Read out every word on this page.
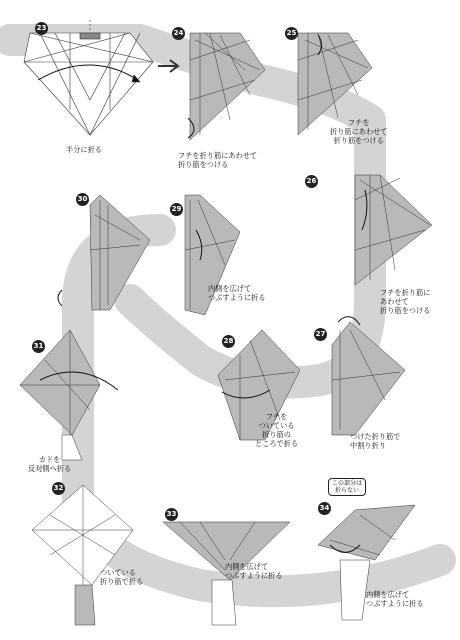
23
24	25
26
27
28
29
30
31
32
33
34
半分に折る
フチを折り筋にあわせて
折り筋をつける
フチを
折り筋にあわせて
折り筋をつける
フチを折り筋に
あわせて
折り筋をつける
つけた折り筋で
中割り折り
フチを
ついている
折り筋の
ところで折る
内側を広げて
つぶすように折る
カドを
反対側へ折る
ついている
折り筋で折る
内側を広げて
つぶすように折る
内側を広げて
つぶすように折る
この部分は
折らない
